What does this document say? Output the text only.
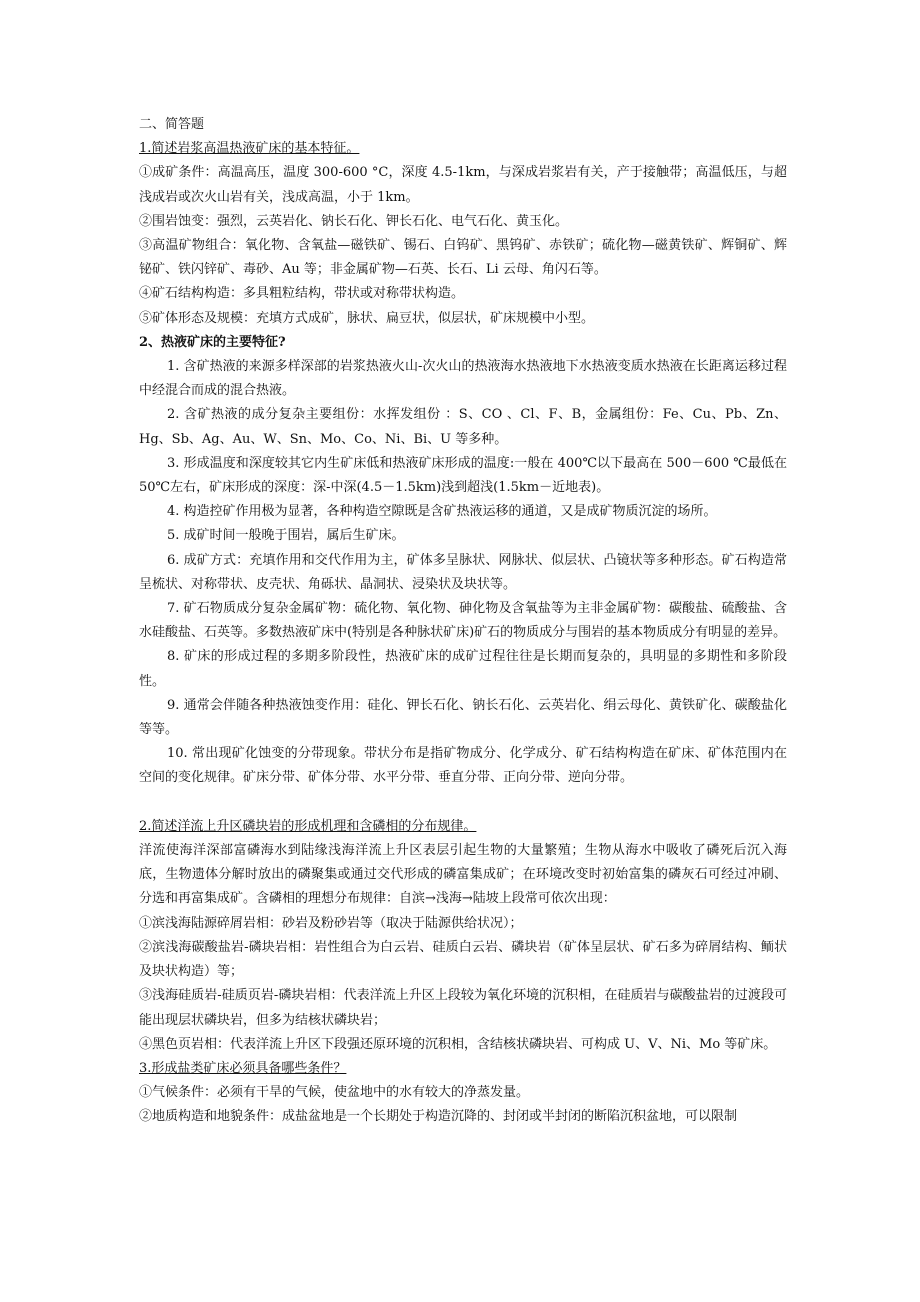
二、简答题

1.简述岩浆高温热液矿床的基本特征。

①成矿条件：高温高压，温度 300-600 °C，深度 4.5-1km，与深成岩浆岩有关，产于接触带；高温低压，与超浅成岩或次火山岩有关，浅成高温，小于 1km。

②围岩蚀变：强烈，云英岩化、钠长石化、钾长石化、电气石化、黄玉化。

③高温矿物组合：氧化物、含氧盐—磁铁矿、锡石、白钨矿、黑钨矿、赤铁矿；硫化物—磁黄铁矿、辉铜矿、辉铋矿、铁闪锌矿、毒砂、Au 等；非金属矿物—石英、长石、Li 云母、角闪石等。

④矿石结构构造：多具粗粒结构，带状或对称带状构造。

⑤矿体形态及规模：充填方式成矿，脉状、扁豆状，似层状，矿床规模中小型。

2、热液矿床的主要特征?

1. 含矿热液的来源多样深部的岩浆热液火山-次火山的热液海水热液地下水热液变质水热液在长距离运移过程中经混合而成的混合热液。

2. 含矿热液的成分复杂主要组份：水挥发组份 ：S、CO 、Cl、F、B，金属组份：Fe、Cu、Pb、Zn、Hg、Sb、Ag、Au、W、Sn、Mo、Co、Ni、Bi、U 等多种。

3. 形成温度和深度较其它内生矿床低和热液矿床形成的温度:一般在 400℃以下最高在 500－600 ℃最低在 50℃左右，矿床形成的深度：深-中深(4.5－1.5km)浅到超浅(1.5km－近地表)。

4. 构造控矿作用极为显著，各种构造空隙既是含矿热液运移的通道，又是成矿物质沉淀的场所。

5. 成矿时间一般晚于围岩，属后生矿床。

6. 成矿方式：充填作用和交代作用为主，矿体多呈脉状、网脉状、似层状、凸镜状等多种形态。矿石构造常呈梳状、对称带状、皮壳状、角砾状、晶洞状、浸染状及块状等。

7. 矿石物质成分复杂金属矿物：硫化物、氧化物、砷化物及含氧盐等为主非金属矿物：碳酸盐、硫酸盐、含水硅酸盐、石英等。多数热液矿床中(特别是各种脉状矿床)矿石的物质成分与围岩的基本物质成分有明显的差异。

8. 矿床的形成过程的多期多阶段性，热液矿床的成矿过程往往是长期而复杂的，具明显的多期性和多阶段性。

9. 通常会伴随各种热液蚀变作用：硅化、钾长石化、钠长石化、云英岩化、绢云母化、黄铁矿化、碳酸盐化等等。

10. 常出现矿化蚀变的分带现象。带状分布是指矿物成分、化学成分、矿石结构构造在矿床、矿体范围内在空间的变化规律。矿床分带、矿体分带、水平分带、垂直分带、正向分带、逆向分带。

2.简述洋流上升区磷块岩的形成机理和含磷相的分布规律。

洋流使海洋深部富磷海水到陆缘浅海洋流上升区表层引起生物的大量繁殖；生物从海水中吸收了磷死后沉入海底，生物遗体分解时放出的磷聚集或通过交代形成的磷富集成矿；在环境改变时初始富集的磷灰石可经过冲刷、分选和再富集成矿。含磷相的理想分布规律：自滨→浅海→陆坡上段常可依次出现：

①滨浅海陆源碎屑岩相：砂岩及粉砂岩等（取决于陆源供给状况）；

②滨浅海碳酸盐岩-磷块岩相：岩性组合为白云岩、硅质白云岩、磷块岩（矿体呈层状、矿石多为碎屑结构、鲕状及块状构造）等；

③浅海硅质岩-硅质页岩-磷块岩相：代表洋流上升区上段较为氧化环境的沉积相，在硅质岩与碳酸盐岩的过渡段可能出现层状磷块岩，但多为结核状磷块岩；

④黑色页岩相：代表洋流上升区下段强还原环境的沉积相，含结核状磷块岩、可构成 U、V、Ni、Mo 等矿床。

3.形成盐类矿床必须具备哪些条件？

①气候条件：必须有干旱的气候，使盆地中的水有较大的净蒸发量。

②地质构造和地貌条件：成盐盆地是一个长期处于构造沉降的、封闭或半封闭的断陷沉积盆地，可以限制
